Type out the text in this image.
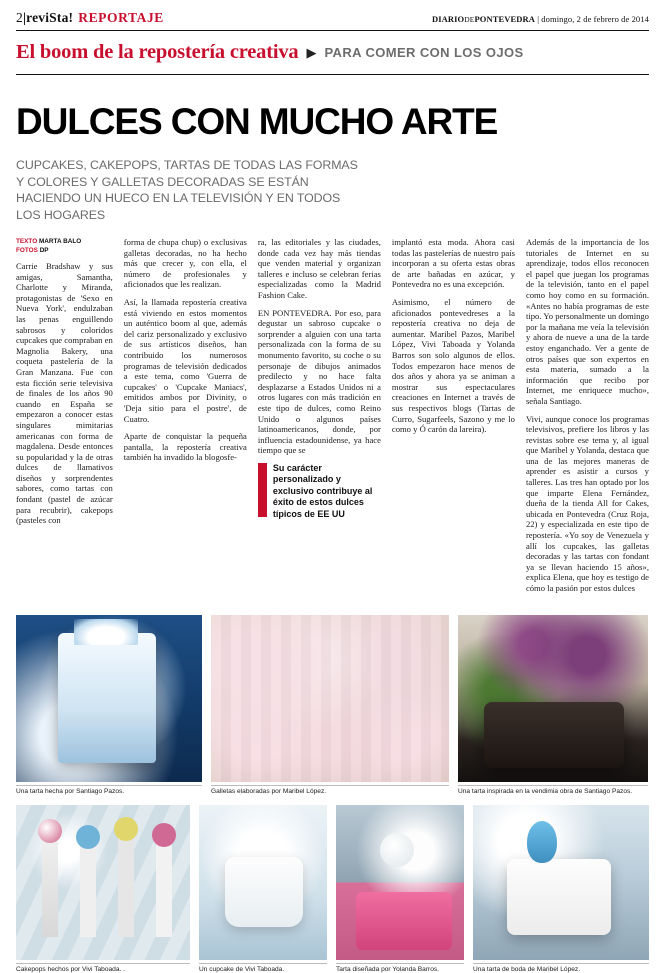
2|reviSta! REPORTAJE	DIARIODEPONTEVEDRA | domingo, 2 de febrero de 2014
El boom de la repostería creativa ▶ PARA COMER CON LOS OJOS
DULCES CON MUCHO ARTE
CUPCAKES, CAKEPOPS, TARTAS DE TODAS LAS FORMAS Y COLORES Y GALLETAS DECORADAS SE ESTÁN HACIENDO UN HUECO EN LA TELEVISIÓN Y EN TODOS LOS HOGARES
TEXTO MARTA BALO
FOTOS DP

Carrie Bradshaw y sus amigas, Samantha, Charlotte y Miranda, protagonistas de 'Sexo en Nueva York', endulzaban las penas enguillendo sabrosos y coloridos cupcakes que compraban en Magnolia Bakery, una coqueta pastelería de la Gran Manzana. Fue con esta ficción serie televisiva de finales de los años 90 cuando en España se empezaron a conocer estas singulares mimitarias americanas con forma de magdalena. Desde entonces su popularidad y la de otras dulces de llamativos diseños y sorprendentes sabores, como tartas con fondant (pastel de azúcar para recubrir), cakepops (pasteles con

forma de chupa chup) o exclusivas galletas decoradas, no ha hecho más que crecer y, con ella, el número de profesionales y aficionados que les realizan.

Así, la llamada repostería creativa está viviendo en estos momentos un auténtico boom al que, además del cariz personalizado y exclusivo de sus artísticos diseños, han contribuido los numerosos programas de televisión dedicados a este tema, como 'Guerra de cupcakes' o 'Cupcake Maniacs', emitidos ambos por Divinity, o 'Deja sitio para el postre', de Cuatro.

Aparte de conquistar la pequeña pantalla, la repostería creativa también ha invadido la blogosfe-

ra, las editoriales y las ciudades, donde cada vez hay más tiendas que venden material y organizan talleres e incluso se celebran ferias especializadas como la Madrid Fashion Cake.

EN PONTEVEDRA. Por eso, para degustar un sabroso cupcake o sorprender a alguien con una tarta personalizada con la forma de su monumento favorito, su coche o su personaje de dibujos animados predilecto y no hace falta desplazarse a Estados Unidos ni a otros lugares con más tradición en este tipo de dulces, como Reino Unido o algunos países latinoamericanos, donde, por influencia estadounidense, ya hace tiempo que se

Su carácter personalizado y exclusivo contribuye al éxito de estos dulces típicos de EE UU

implantó esta moda. Ahora casi todas las pastelerías de nuestro país incorporan a su oferta estas obras de arte bañadas en azúcar, y Pontevedra no es una excepción.

Asimismo, el número de aficionados pontevedreses a la repostería creativa no deja de aumentar. Maribel Pazos, Maribel López, Vivi Taboada y Yolanda Barros son solo algunos de ellos. Todos empezaron hace menos de dos años y ahora ya se animan a mostrar sus espectaculares creaciones en Internet a través de sus respectivos blogs (Tartas de Curro, Sugarfeels, Sazono y me lo como y Ó carón da lareira).

Además de la importancia de los tutoriales de Internet en su aprendizaje, todos ellos reconocen el papel que juegan los programas de la televisión, tanto en el papel como hoy como en su formación. «Antes no había programas de este tipo. Yo personalmente un domingo por la mañana me veía la televisión y ahora de nueve a una de la tarde estoy enganchado. Ver a gente de otros países que son expertos en esta materia, sumado a la información que recibo por Internet, me enriquece mucho», señala Santiago.

Vivi, aunque conoce los programas televisivos, prefiere los libros y las revistas sobre ese tema y, al igual que Maribel y Yolanda, destaca que una de las mejores maneras de aprender es asistir a cursos y talleres. Las tres han optado por los que imparte Elena Fernández, dueña de la tienda All for Cakes, ubicada en Pontevedra (Cruz Roja, 22) y especializada en este tipo de repostería. «Yo soy de Venezuela y allí los cupcakes, las galletas decoradas y las tartas con fondant ya se llevan haciendo 15 años», explica Elena, que hoy es testigo de cómo la pasión por estos dulces

Una tarta hecha por Santiago Pazos.	Galletas elaboradas por Maribel López.	Una tarta inspirada en la vendimia obra de Santiago Pazos.
Cakepops hechos por Vivi Taboada. .	Un cupcake de Vivi Taboada.	Tarta diseñada por Yolanda Barros.	Una tarta de boda de Maribel López.
